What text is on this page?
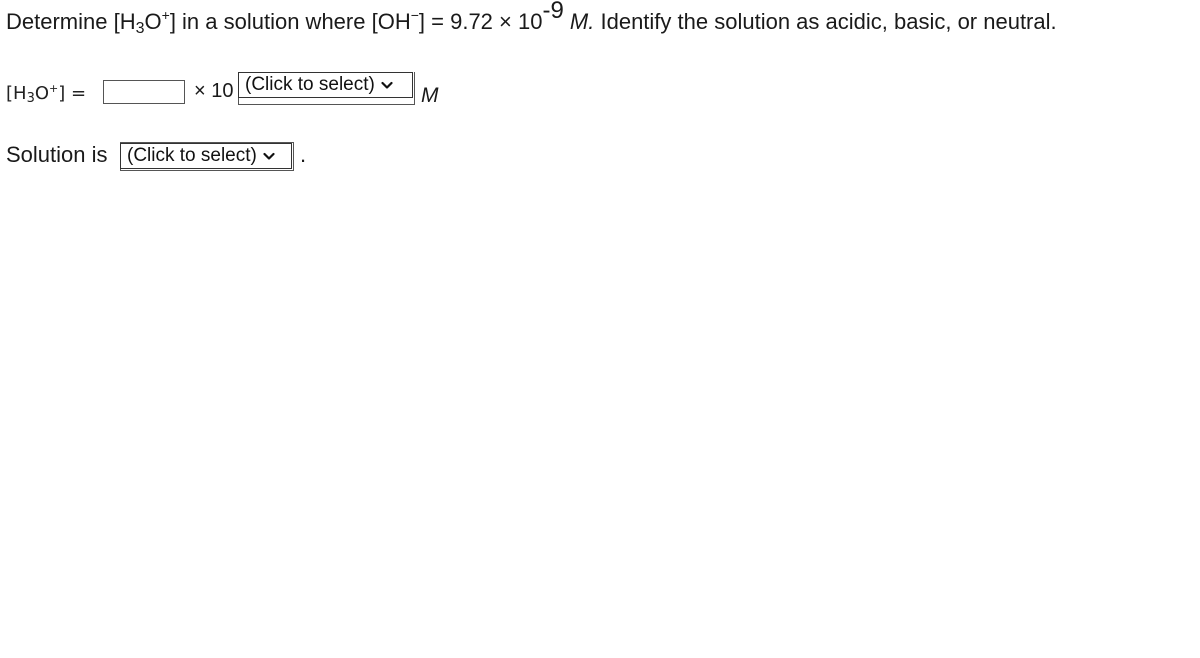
Determine $[H_3O^+]$ in a solution where [OH−] = 9.72 × 10-9 M. Identify the solution as acidic, basic, or neutral.
$[H_3O^+]$ =	× 10 (Click to select) M
Solution is (Click to select) .
